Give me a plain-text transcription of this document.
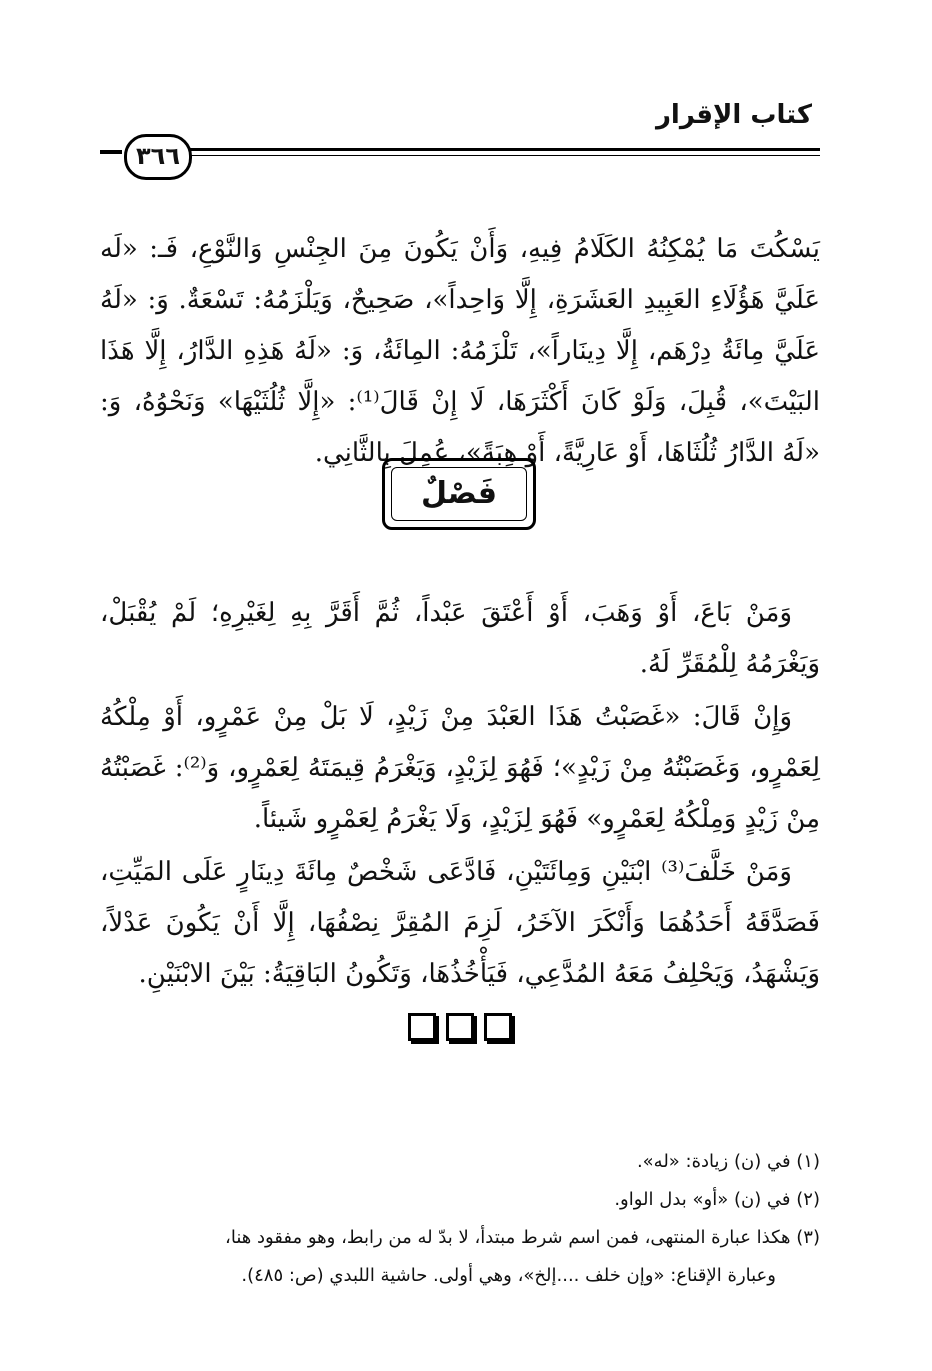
كتاب الإقرار
٣٦٦

يَسْكُتَ مَا يُمْكِنُهُ الكَلَامُ فِيهِ، وَأَنْ يَكُونَ مِنَ الجِنْسِ وَالنَّوْعِ، فَـ: «لَه عَلَيَّ هَؤُلَاءِ العَبِيدِ العَشَرَةِ، إِلَّا وَاحِداً»، صَحِيحٌ، وَيَلْزَمُهُ: تَسْعَةٌ. وَ: «لَهُ عَلَيَّ مِائَةُ دِرْهَم، إِلَّا دِينَاراً»، تَلْزَمُهُ: المِائَةُ، وَ: «لَهُ هَذِهِ الدَّارُ، إِلَّا هَذَا البَيْتَ»، قُبِلَ، وَلَوْ كَانَ أَكْثَرَهَا، لَا إِنْ قَالَ⁽¹⁾: «إِلَّا ثُلُثَيْهَا» وَنَحْوُهُ، وَ: «لَهُ الدَّارُ ثُلُثَاهَا، أَوْ عَارِيَّةً، أَوْ هِبَةً»، عُمِلَ بِالثَّانِي.

فَصْلٌ

وَمَنْ بَاعَ، أَوْ وَهَبَ، أَوْ أَعْتَقَ عَبْداً، ثُمَّ أَقَرَّ بِهِ لِغَيْرِهِ؛ لَمْ يُقْبَلْ، وَيَغْرَمُهُ لِلْمُقَرِّ لَهُ.

وَإِنْ قَالَ: «غَصَبْتُ هَذَا العَبْدَ مِنْ زَيْدٍ، لَا بَلْ مِنْ عَمْرٍو، أَوْ مِلْكُهُ لِعَمْرٍو، وَغَصَبْتُهُ مِنْ زَيْدٍ»؛ فَهُوَ لِزَيْدٍ، وَيَغْرَمُ قِيمَتَهُ لِعَمْرٍو، وَ⁽²⁾: غَصَبْتُهُ مِنْ زَيْدٍ وَمِلْكُهُ لِعَمْرٍو» فَهُوَ لِزَيْدٍ، وَلَا يَغْرَمُ لِعَمْرٍو شَيئاً.

وَمَنْ خَلَّفَ⁽³⁾ ابْنَيْنِ وَمِائَتَيْنِ، فَادَّعَى شَخْصٌ مِائَةَ دِينَارٍ عَلَى المَيِّتِ، فَصَدَّقَهُ أَحَدُهُمَا وَأَنْكَرَ الآخَرُ، لَزِمَ المُقِرَّ نِصْفُهَا، إِلَّا أَنْ يَكُونَ عَدْلاً، وَيَشْهَدُ، وَيَحْلِفُ مَعَهُ المُدَّعِي، فَيَأْخُذُهَا، وَتَكُونُ البَاقِيَةُ: بَيْنَ الابْنَيْنِ.

(١) في (ن) زيادة: «له».
(٢) في (ن) «أو» بدل الواو.
(٣) هكذا عبارة المنتهى، فمن اسم شرط مبتدأ، لا بدّ له من رابط، وهو مفقود هنا،
وعبارة الإقناع: «وإن خلف ....إلخ»، وهي أولى. حاشية اللبدي (ص: ٤٨٥).
